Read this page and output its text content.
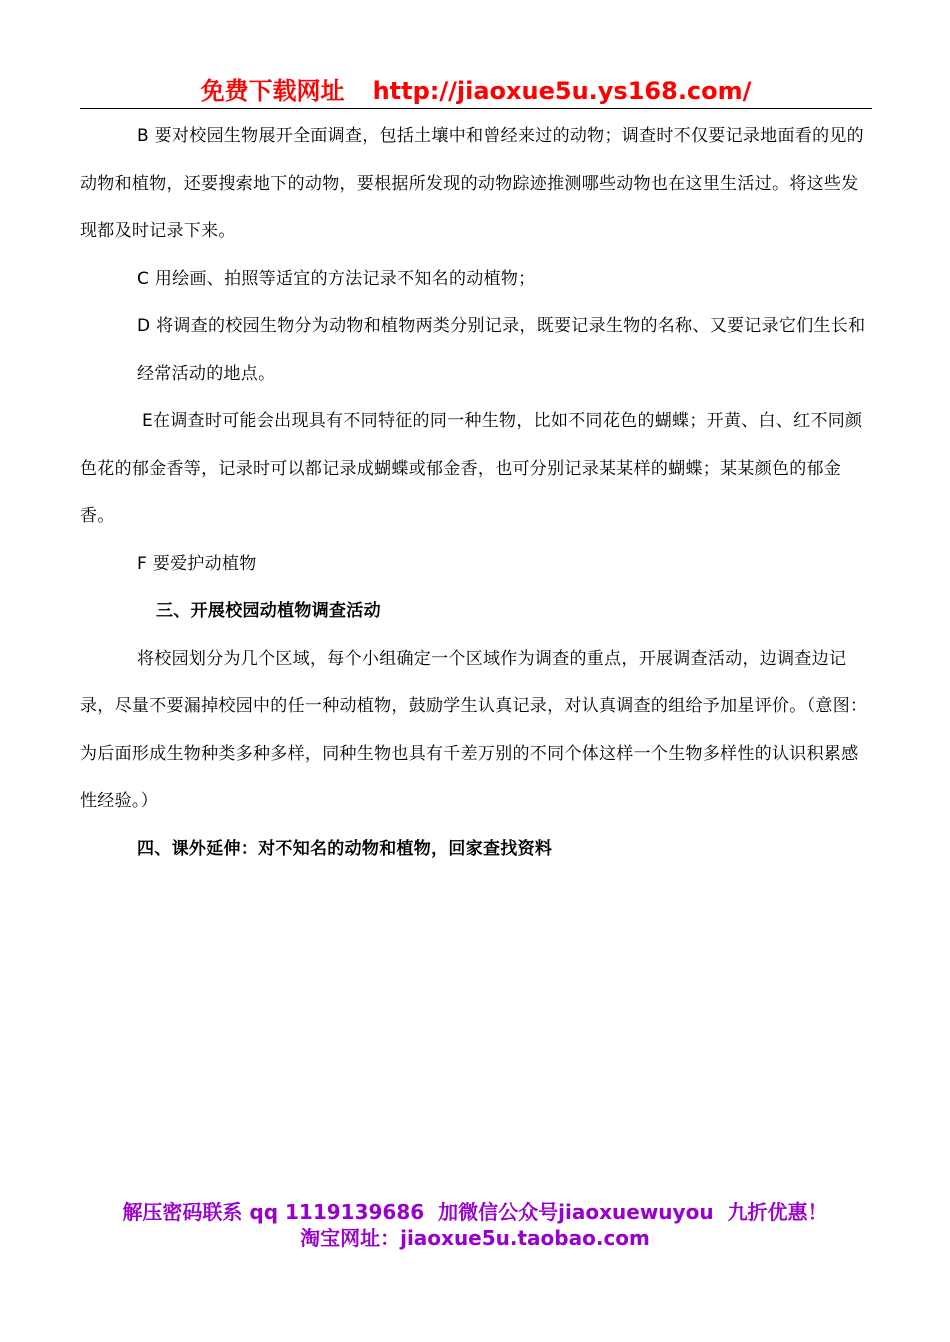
免费下载网址 http://jiaoxue5u.ys168.com/

B 要对校园生物展开全面调查，包括土壤中和曾经来过的动物；调查时不仅要记录地面看的见的动物和植物，还要搜索地下的动物，要根据所发现的动物踪迹推测哪些动物也在这里生活过。将这些发现都及时记录下来。

C 用绘画、拍照等适宜的方法记录不知名的动植物；

D 将调查的校园生物分为动物和植物两类分别记录，既要记录生物的名称、又要记录它们生长和经常活动的地点。

E在调查时可能会出现具有不同特征的同一种生物，比如不同花色的蝴蝶；开黄、白、红不同颜色花的郁金香等，记录时可以都记录成蝴蝶或郁金香，也可分别记录某某样的蝴蝶；某某颜色的郁金香。

F 要爱护动植物

三、开展校园动植物调查活动

将校园划分为几个区域，每个小组确定一个区域作为调查的重点，开展调查活动，边调查边记录，尽量不要漏掉校园中的任一种动植物，鼓励学生认真记录，对认真调查的组给予加星评价。（意图：为后面形成生物种类多种多样，同种生物也具有千差万别的不同个体这样一个生物多样性的认识积累感性经验。）

四、课外延伸：对不知名的动物和植物，回家查找资料

解压密码联系 qq 1119139686 加微信公众号jiaoxuewuyou 九折优惠！
淘宝网址：jiaoxue5u.taobao.com
